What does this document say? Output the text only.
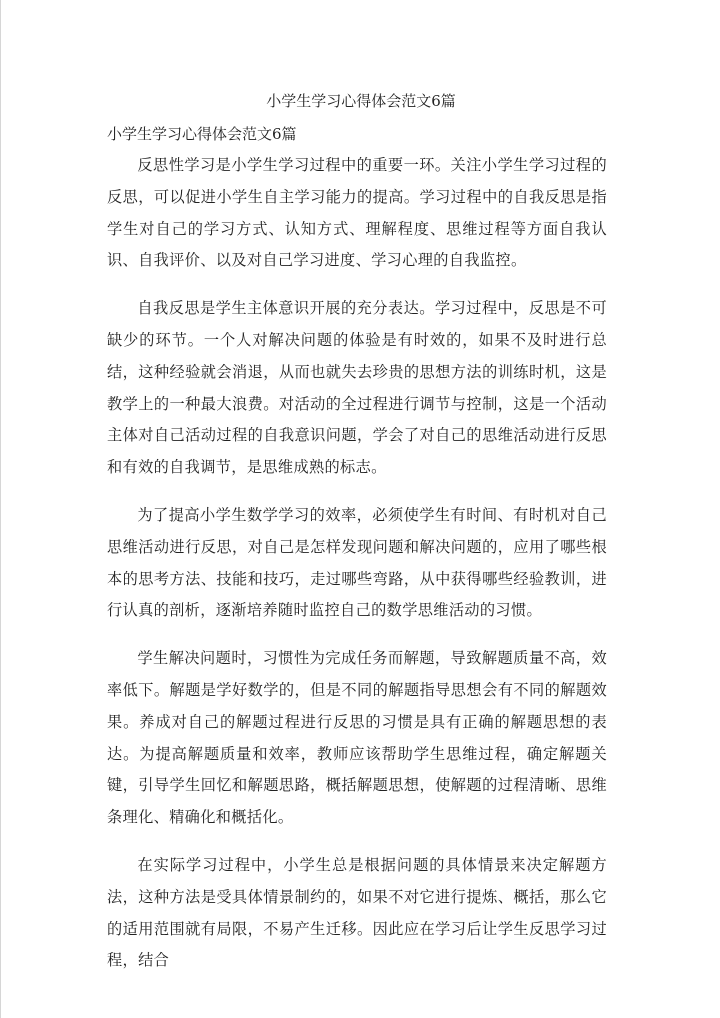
小学生学习心得体会范文6篇
小学生学习心得体会范文6篇

反思性学习是小学生学习过程中的重要一环。关注小学生学习过程的反思，可以促进小学生自主学习能力的提高。学习过程中的自我反思是指学生对自己的学习方式、认知方式、理解程度、思维过程等方面自我认识、自我评价、以及对自己学习进度、学习心理的自我监控。

自我反思是学生主体意识开展的充分表达。学习过程中，反思是不可缺少的环节。一个人对解决问题的体验是有时效的，如果不及时进行总结，这种经验就会消退，从而也就失去珍贵的思想方法的训练时机，这是教学上的一种最大浪费。对活动的全过程进行调节与控制，这是一个活动主体对自己活动过程的自我意识问题，学会了对自己的思维活动进行反思和有效的自我调节，是思维成熟的标志。

为了提高小学生数学学习的效率，必须使学生有时间、有时机对自己思维活动进行反思，对自己是怎样发现问题和解决问题的，应用了哪些根本的思考方法、技能和技巧，走过哪些弯路，从中获得哪些经验教训，进行认真的剖析，逐渐培养随时监控自己的数学思维活动的习惯。

学生解决问题时，习惯性为完成任务而解题，导致解题质量不高，效率低下。解题是学好数学的，但是不同的解题指导思想会有不同的解题效果。养成对自己的解题过程进行反思的习惯是具有正确的解题思想的表达。为提高解题质量和效率，教师应该帮助学生思维过程，确定解题关键，引导学生回忆和解题思路，概括解题思想，使解题的过程清晰、思维条理化、精确化和概括化。

在实际学习过程中，小学生总是根据问题的具体情景来决定解题方法，这种方法是受具体情景制约的，如果不对它进行提炼、概括，那么它的适用范围就有局限，不易产生迁移。因此应在学习后让学生反思学习过程，结合
